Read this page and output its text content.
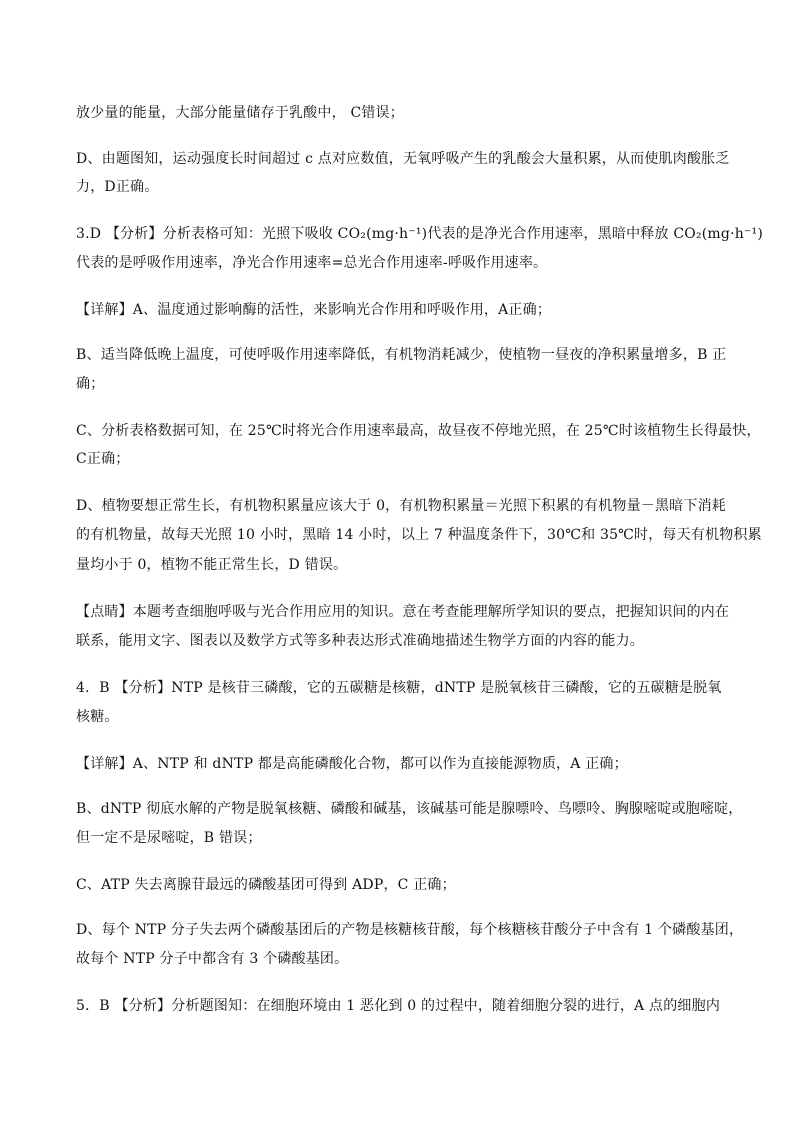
放少量的能量，大部分能量储存于乳酸中， C错误；
D、由题图知，运动强度长时间超过 c 点对应数值，无氧呼吸产生的乳酸会大量积累，从而使肌肉酸胀乏
力，D正确。
3.D 【分析】分析表格可知：光照下吸收 CO₂(mg·h⁻¹)代表的是净光合作用速率，黑暗中释放 CO₂(mg·h⁻¹)
代表的是呼吸作用速率，净光合作用速率=总光合作用速率-呼吸作用速率。
【详解】A、温度通过影响酶的活性，来影响光合作用和呼吸作用，A正确；
B、适当降低晚上温度，可使呼吸作用速率降低，有机物消耗减少，使植物一昼夜的净积累量增多，B 正
确；
C、分析表格数据可知，在 25℃时将光合作用速率最高，故昼夜不停地光照，在 25℃时该植物生长得最快，
C正确；
D、植物要想正常生长，有机物积累量应该大于 0，有机物积累量＝光照下积累的有机物量－黑暗下消耗
的有机物量，故每天光照 10 小时，黑暗 14 小时，以上 7 种温度条件下，30℃和 35℃时，每天有机物积累
量均小于 0，植物不能正常生长，D 错误。
【点睛】本题考查细胞呼吸与光合作用应用的知识。意在考查能理解所学知识的要点，把握知识间的内在
联系，能用文字、图表以及数学方式等多种表达形式准确地描述生物学方面的内容的能力。
4．B 【分析】NTP 是核苷三磷酸，它的五碳糖是核糖，dNTP 是脱氧核苷三磷酸，它的五碳糖是脱氧
核糖。
【详解】A、NTP 和 dNTP 都是高能磷酸化合物，都可以作为直接能源物质，A 正确；
B、dNTP 彻底水解的产物是脱氧核糖、磷酸和碱基，该碱基可能是腺嘌呤、鸟嘌呤、胸腺嘧啶或胞嘧啶，
但一定不是尿嘧啶，B 错误；
C、ATP 失去离腺苷最远的磷酸基团可得到 ADP，C 正确；
D、每个 NTP 分子失去两个磷酸基团后的产物是核糖核苷酸，每个核糖核苷酸分子中含有 1 个磷酸基团，
故每个 NTP 分子中都含有 3 个磷酸基团。
5．B 【分析】分析题图知：在细胞环境由 1 恶化到 0 的过程中，随着细胞分裂的进行，A 点的细胞内
